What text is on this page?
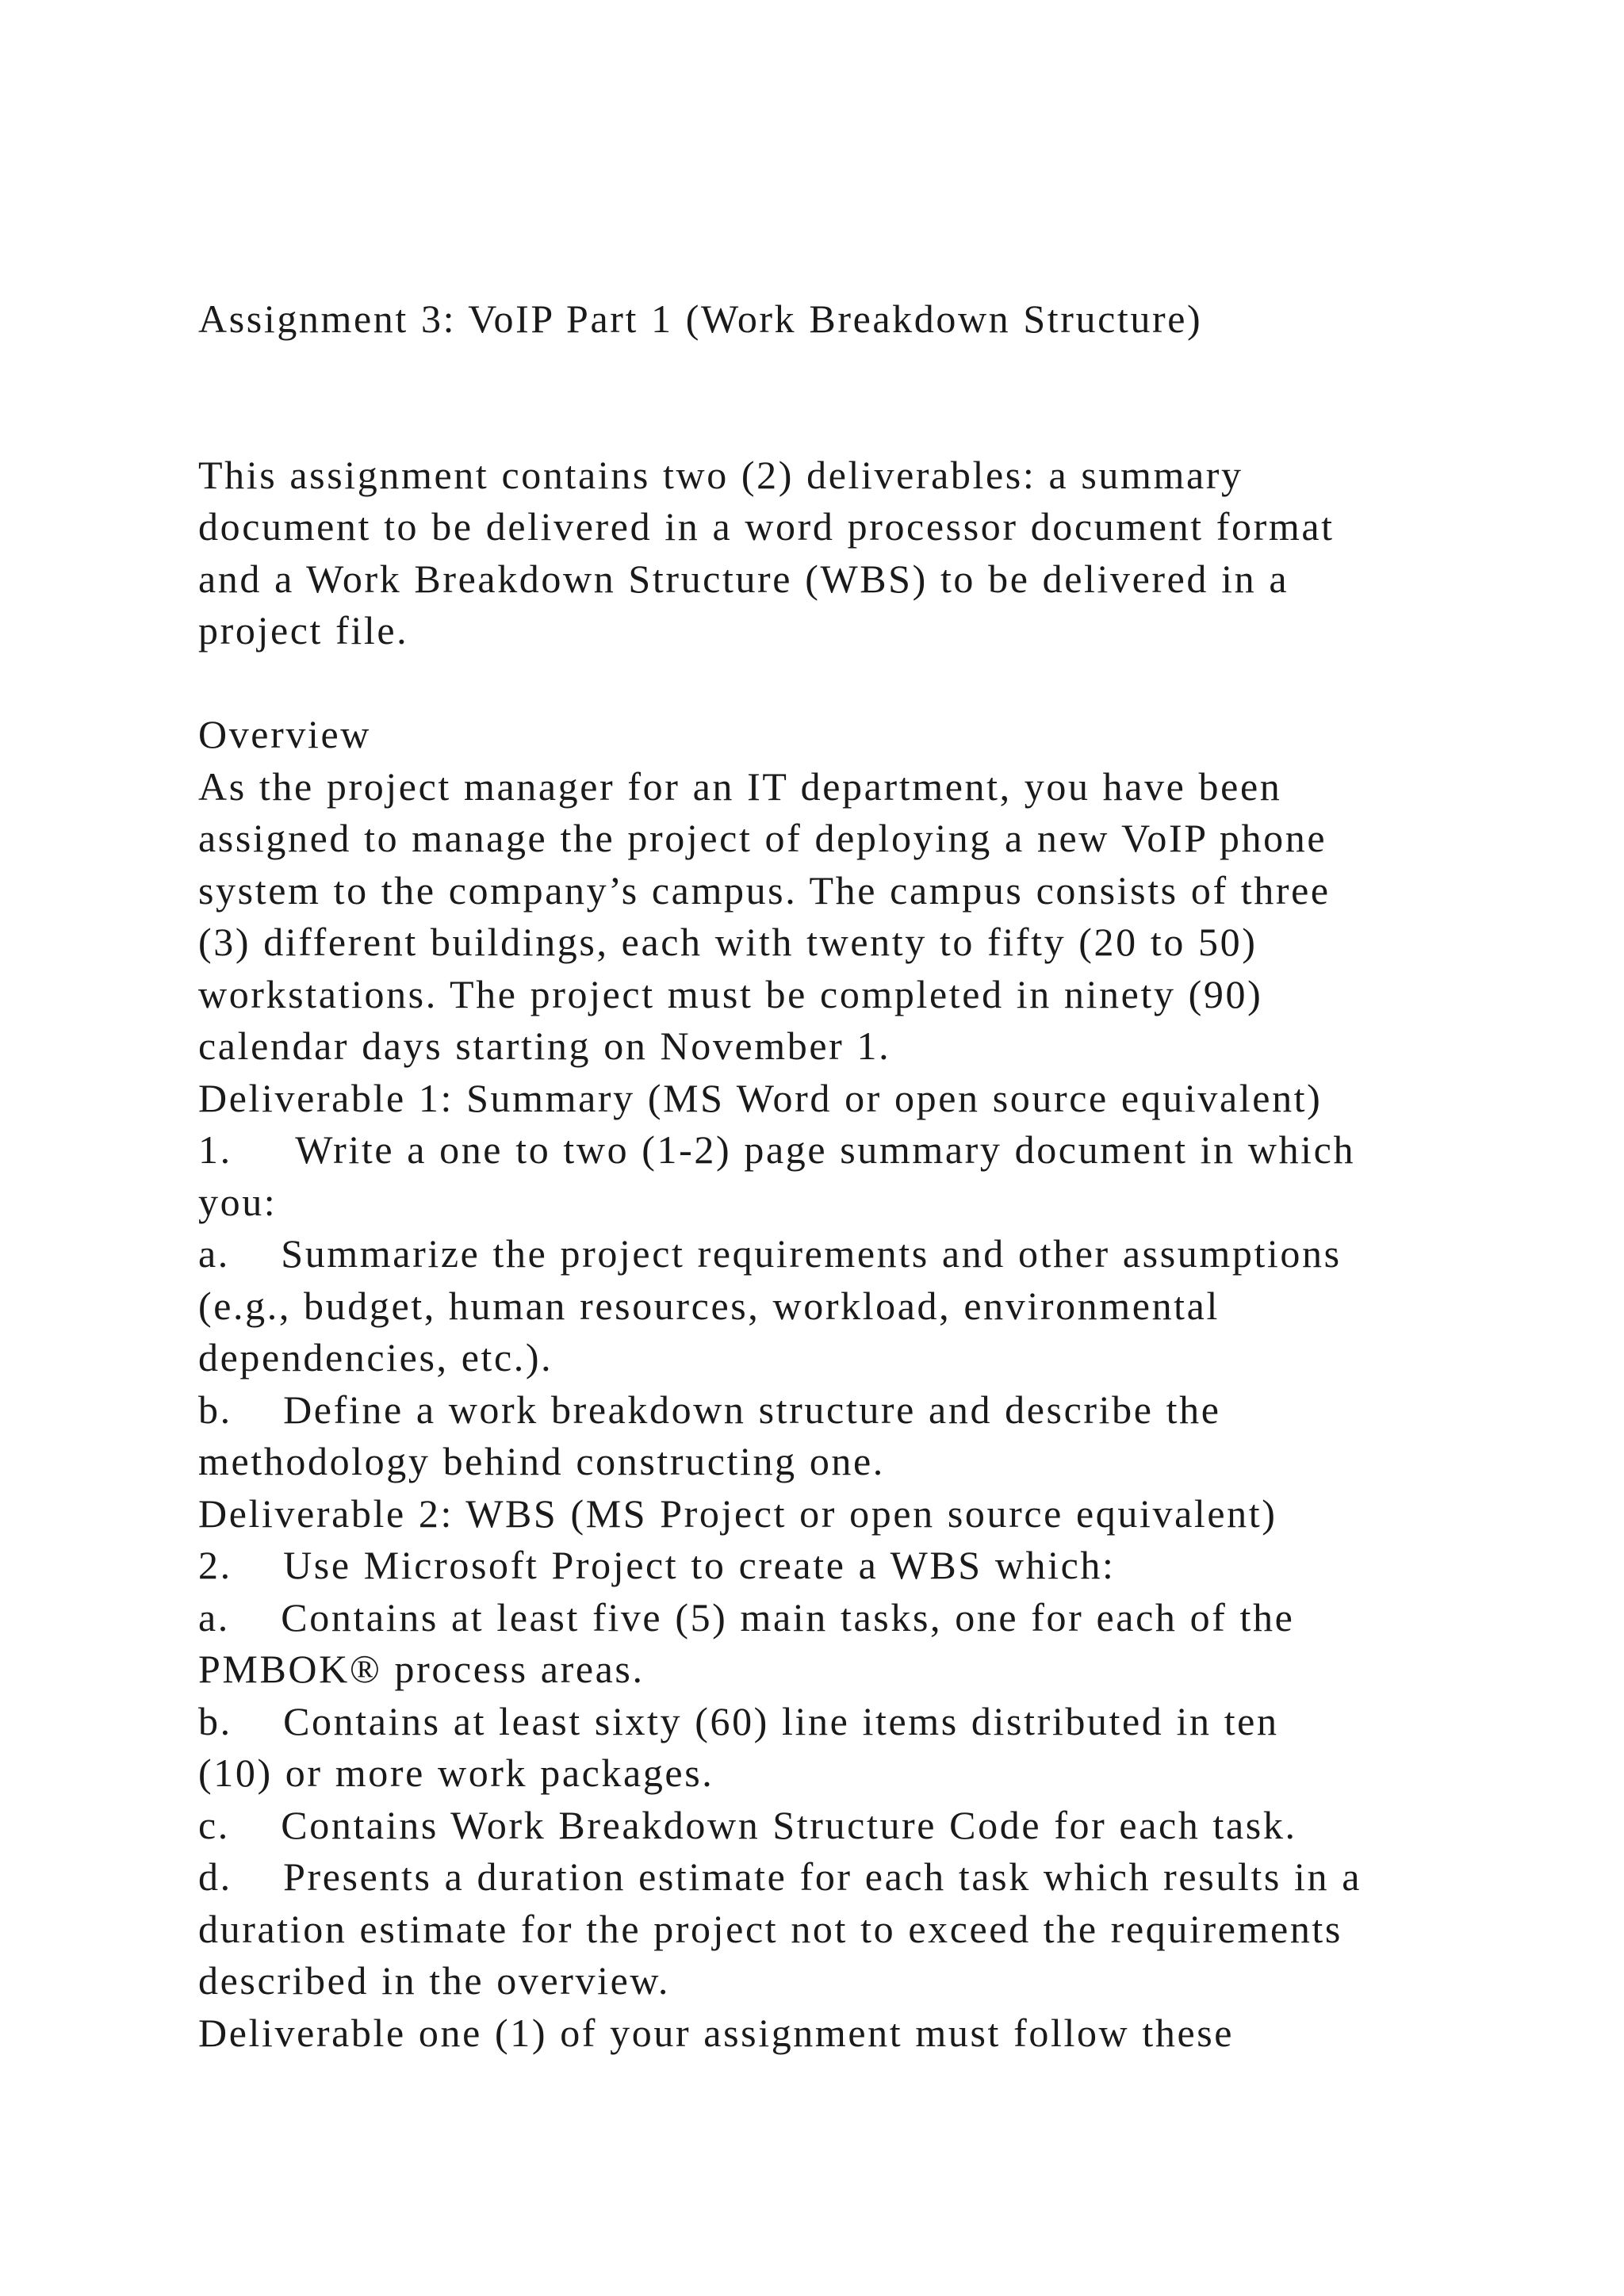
Assignment 3: VoIP Part 1 (Work Breakdown Structure)
This assignment contains two (2) deliverables: a summary
document to be delivered in a word processor document format
and a Work Breakdown Structure (WBS) to be delivered in a
project file.
Overview
As the project manager for an IT department, you have been
assigned to manage the project of deploying a new VoIP phone
system to the company’s campus. The campus consists of three
(3) different buildings, each with twenty to fifty (20 to 50)
workstations. The project must be completed in ninety (90)
calendar days starting on November 1.
Deliverable 1: Summary (MS Word or open source equivalent)
1.     Write a one to two (1-2) page summary document in which
you:
a.    Summarize the project requirements and other assumptions
(e.g., budget, human resources, workload, environmental
dependencies, etc.).
b.    Define a work breakdown structure and describe the
methodology behind constructing one.
Deliverable 2: WBS (MS Project or open source equivalent)
2.    Use Microsoft Project to create a WBS which:
a.    Contains at least five (5) main tasks, one for each of the
PMBOK® process areas.
b.    Contains at least sixty (60) line items distributed in ten
(10) or more work packages.
c.    Contains Work Breakdown Structure Code for each task.
d.    Presents a duration estimate for each task which results in a
duration estimate for the project not to exceed the requirements
described in the overview.
Deliverable one (1) of your assignment must follow these
